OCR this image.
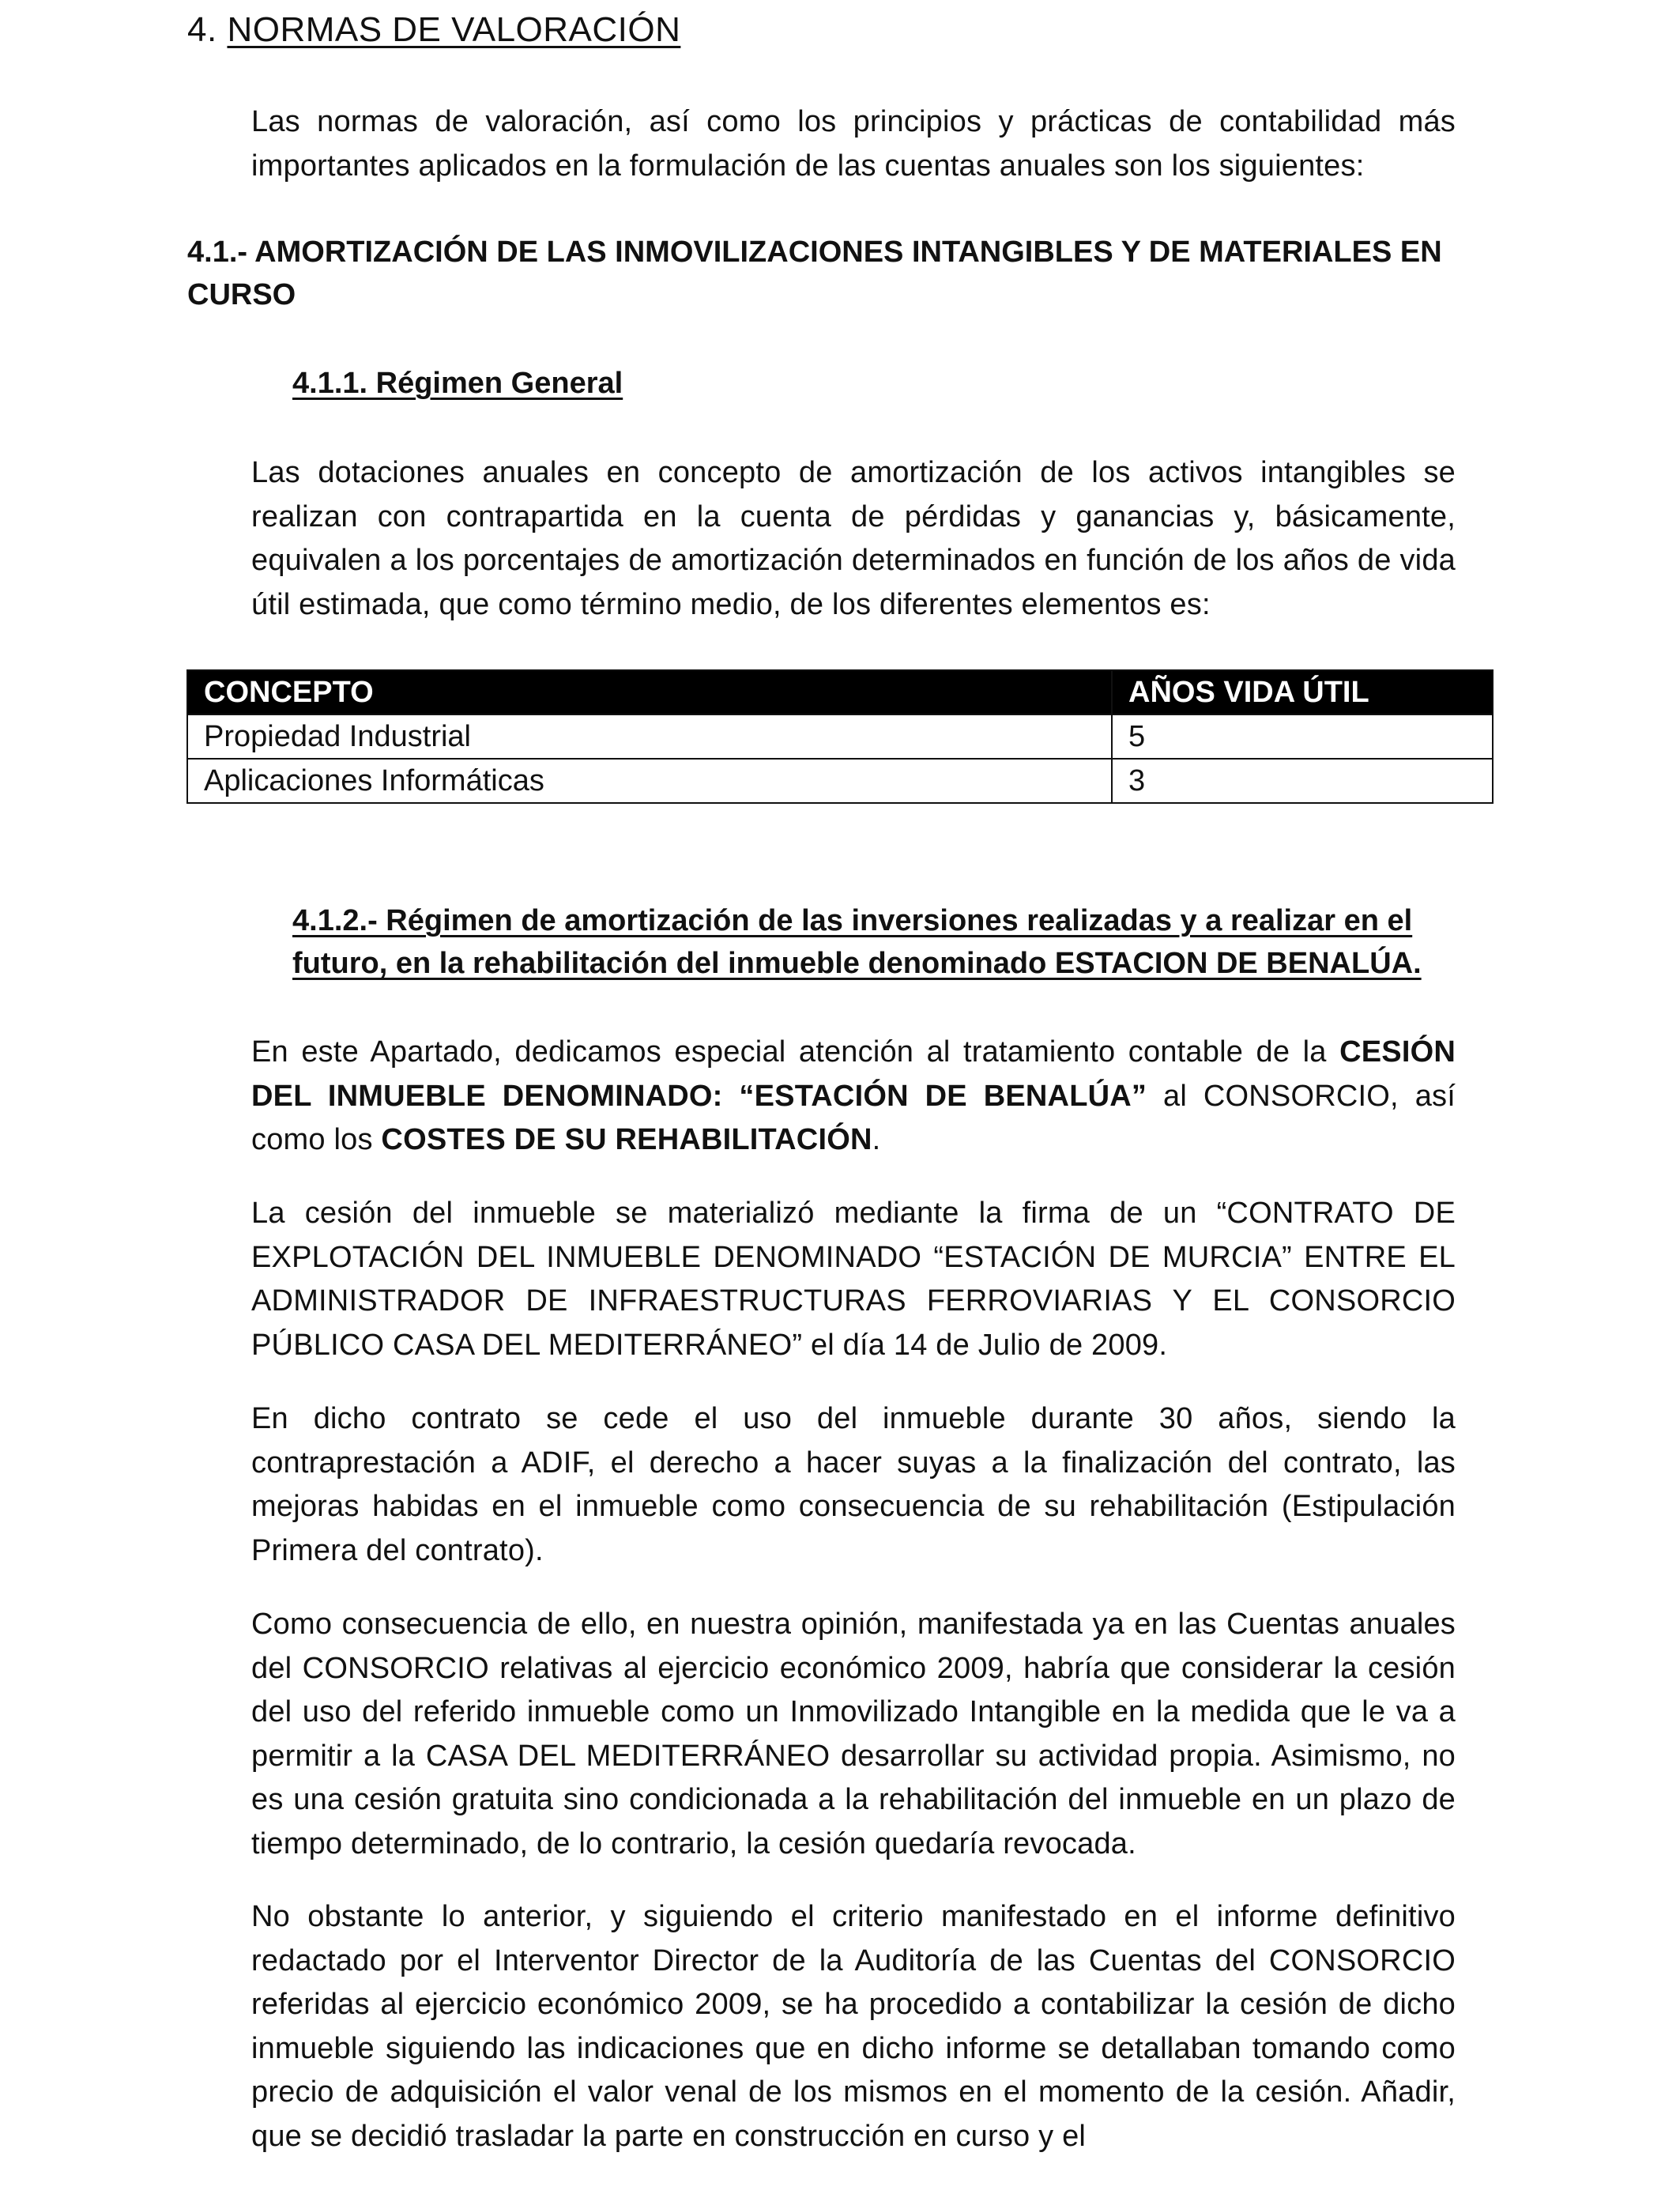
4. NORMAS DE VALORACIÓN
Las normas de valoración, así como los principios y prácticas de contabilidad más importantes aplicados en la formulación de las cuentas anuales son los siguientes:
4.1.- AMORTIZACIÓN DE LAS INMOVILIZACIONES INTANGIBLES Y DE MATERIALES EN CURSO
4.1.1. Régimen General
Las dotaciones anuales en concepto de amortización de los activos intangibles se realizan con contrapartida en la cuenta de pérdidas y ganancias y, básicamente, equivalen a los porcentajes de amortización determinados en función de los años de vida útil estimada, que como término medio, de los diferentes elementos es:
CONCEPTO	AÑOS VIDA ÚTIL
Propiedad Industrial	5
Aplicaciones Informáticas	3
4.1.2.- Régimen de amortización de las inversiones realizadas y a realizar en el futuro, en la rehabilitación del inmueble denominado ESTACION DE BENALÚA.
En este Apartado, dedicamos especial atención al tratamiento contable de la CESIÓN DEL INMUEBLE DENOMINADO: “ESTACIÓN DE BENALÚA” al CONSORCIO, así como los COSTES DE SU REHABILITACIÓN.
La cesión del inmueble se materializó mediante la firma de un “CONTRATO DE EXPLOTACIÓN DEL INMUEBLE DENOMINADO “ESTACIÓN DE MURCIA” ENTRE EL ADMINISTRADOR DE INFRAESTRUCTURAS FERROVIARIAS Y EL CONSORCIO PÚBLICO CASA DEL MEDITERRÁNEO” el día 14 de Julio de 2009.
En dicho contrato se cede el uso del inmueble durante 30 años, siendo la contraprestación a ADIF, el derecho a hacer suyas a la finalización del contrato, las mejoras habidas en el inmueble como consecuencia de su rehabilitación (Estipulación Primera del contrato).
Como consecuencia de ello, en nuestra opinión, manifestada ya en las Cuentas anuales del CONSORCIO relativas al ejercicio económico 2009, habría que considerar la cesión del uso del referido inmueble como un Inmovilizado Intangible en la medida que le va a permitir a la CASA DEL MEDITERRÁNEO desarrollar su actividad propia. Asimismo, no es una cesión gratuita sino condicionada a la rehabilitación del inmueble en un plazo de tiempo determinado, de lo contrario, la cesión quedaría revocada.
No obstante lo anterior, y siguiendo el criterio manifestado en el informe definitivo redactado por el Interventor Director de la Auditoría de las Cuentas del CONSORCIO referidas al ejercicio económico 2009, se ha procedido a contabilizar la cesión de dicho inmueble siguiendo las indicaciones que en dicho informe se detallaban tomando como precio de adquisición el valor venal de los mismos en el momento de la cesión. Añadir, que se decidió trasladar la parte en construcción en curso y el
